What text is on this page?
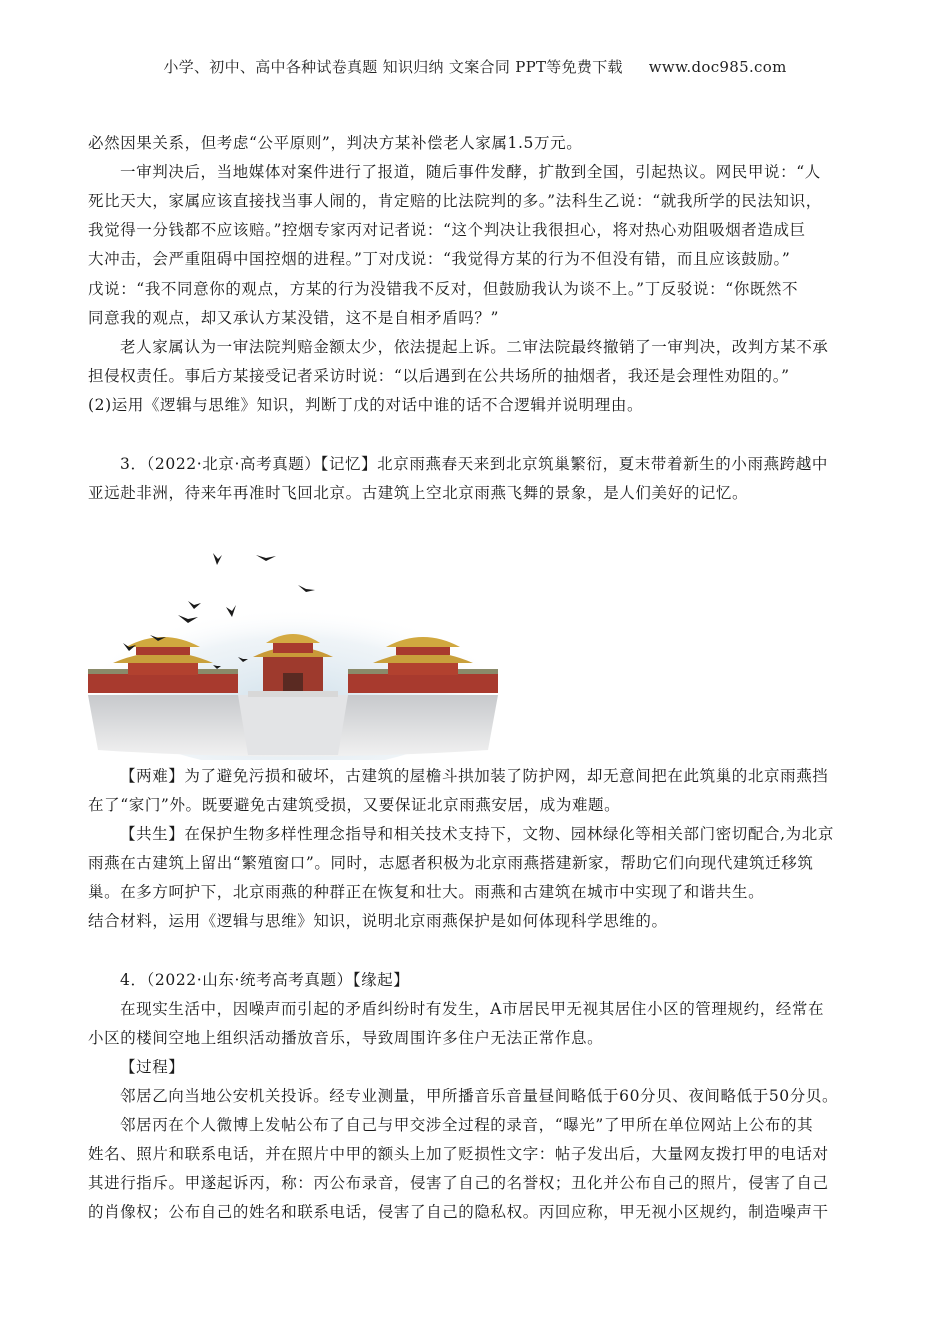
小学、初中、高中各种试卷真题 知识归纳 文案合同 PPT等免费下载 www.doc985.com
必然因果关系，但考虑“公平原则”，判决方某补偿老人家属1.5万元。
一审判决后，当地媒体对案件进行了报道，随后事件发酵，扩散到全国，引起热议。网民甲说：“人
死比天大，家属应该直接找当事人闹的，肯定赔的比法院判的多。”法科生乙说：“就我所学的民法知识，
我觉得一分钱都不应该赔。”控烟专家丙对记者说：“这个判决让我很担心，将对热心劝阻吸烟者造成巨
大冲击，会严重阻碍中国控烟的进程。”丁对戊说：“我觉得方某的行为不但没有错，而且应该鼓励。”
戊说：“我不同意你的观点，方某的行为没错我不反对，但鼓励我认为谈不上。”丁反驳说：“你既然不
同意我的观点，却又承认方某没错，这不是自相矛盾吗？”
老人家属认为一审法院判赔金额太少，依法提起上诉。二审法院最终撤销了一审判决，改判方某不承
担侵权责任。事后方某接受记者采访时说：“以后遇到在公共场所的抽烟者，我还是会理性劝阻的。”
(2)运用《逻辑与思维》知识，判断丁戊的对话中谁的话不合逻辑并说明理由。
3．（2022·北京·高考真题）【记忆】北京雨燕春天来到北京筑巢繁衍，夏末带着新生的小雨燕跨越中
亚远赴非洲，待来年再准时飞回北京。古建筑上空北京雨燕飞舞的景象，是人们美好的记忆。
【两难】为了避免污损和破坏，古建筑的屋檐斗拱加装了防护网，却无意间把在此筑巢的北京雨燕挡
在了“家门”外。既要避免古建筑受损，又要保证北京雨燕安居，成为难题。
【共生】在保护生物多样性理念指导和相关技术支持下，文物、园林绿化等相关部门密切配合,为北京
雨燕在古建筑上留出“繁殖窗口”。同时，志愿者积极为北京雨燕搭建新家，帮助它们向现代建筑迁移筑
巢。在多方呵护下，北京雨燕的种群正在恢复和壮大。雨燕和古建筑在城市中实现了和谐共生。
结合材料，运用《逻辑与思维》知识，说明北京雨燕保护是如何体现科学思维的。
4．（2022·山东·统考高考真题）【缘起】
在现实生活中，因噪声而引起的矛盾纠纷时有发生，A市居民甲无视其居住小区的管理规约，经常在
小区的楼间空地上组织活动播放音乐，导致周围许多住户无法正常作息。
【过程】
邻居乙向当地公安机关投诉。经专业测量，甲所播音乐音量昼间略低于60分贝、夜间略低于50分贝。
邻居丙在个人微博上发帖公布了自己与甲交涉全过程的录音，“曝光”了甲所在单位网站上公布的其
姓名、照片和联系电话，并在照片中甲的额头上加了贬损性文字：帖子发出后，大量网友拨打甲的电话对
其进行指斥。甲遂起诉丙，称：丙公布录音，侵害了自己的名誉权；丑化并公布自己的照片，侵害了自己
的肖像权；公布自己的姓名和联系电话，侵害了自己的隐私权。丙回应称，甲无视小区规约，制造噪声干
